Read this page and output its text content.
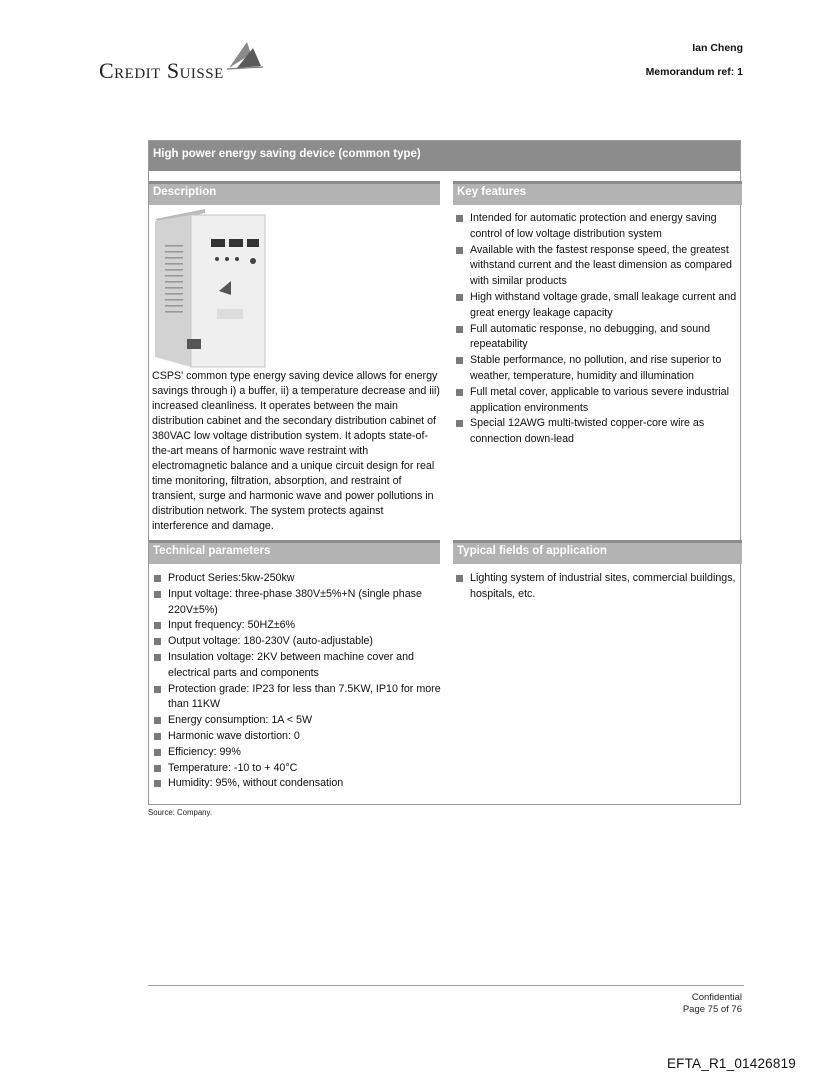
Credit Suisse
Ian Cheng
Memorandum ref: 1
High power energy saving device (common type)
Description	Key features

CSPS' common type energy saving device allows for energy savings through i) a buffer, ii) a temperature decrease and iii) increased cleanliness. It operates between the main distribution cabinet and the secondary distribution cabinet of 380VAC low voltage distribution system. It adopts state-of-the-art means of harmonic wave restraint with electromagnetic balance and a unique circuit design for real time monitoring, filtration, absorption, and restraint of transient, surge and harmonic wave and power pollutions in distribution network. The system protects against interference and damage.

Intended for automatic protection and energy saving control of low voltage distribution system
Available with the fastest response speed, the greatest withstand current and the least dimension as compared with similar products
High withstand voltage grade, small leakage current and great energy leakage capacity
Full automatic response, no debugging, and sound repeatability
Stable performance, no pollution, and rise superior to weather, temperature, humidity and illumination
Full metal cover, applicable to various severe industrial application environments
Special 12AWG multi-twisted copper-core wire as connection down-lead
Technical parameters	Typical fields of application
Product Series:5kw-250kw
Input voltage: three-phase 380V±5%+N (single phase 220V±5%)
Input frequency: 50HZ±6%
Output voltage: 180-230V (auto-adjustable)
Insulation voltage: 2KV between machine cover and electrical parts and components
Protection grade: IP23 for less than 7.5KW, IP10 for more than 11KW
Energy consumption: 1A < 5W
Harmonic wave distortion: 0
Efficiency: 99%
Temperature: -10 to + 40°C
Humidity: 95%, without condensation
Lighting system of industrial sites, commercial buildings, hospitals, etc.
Source: Company.
Confidential
Page 75 of 76
EFTA_R1_01426819
